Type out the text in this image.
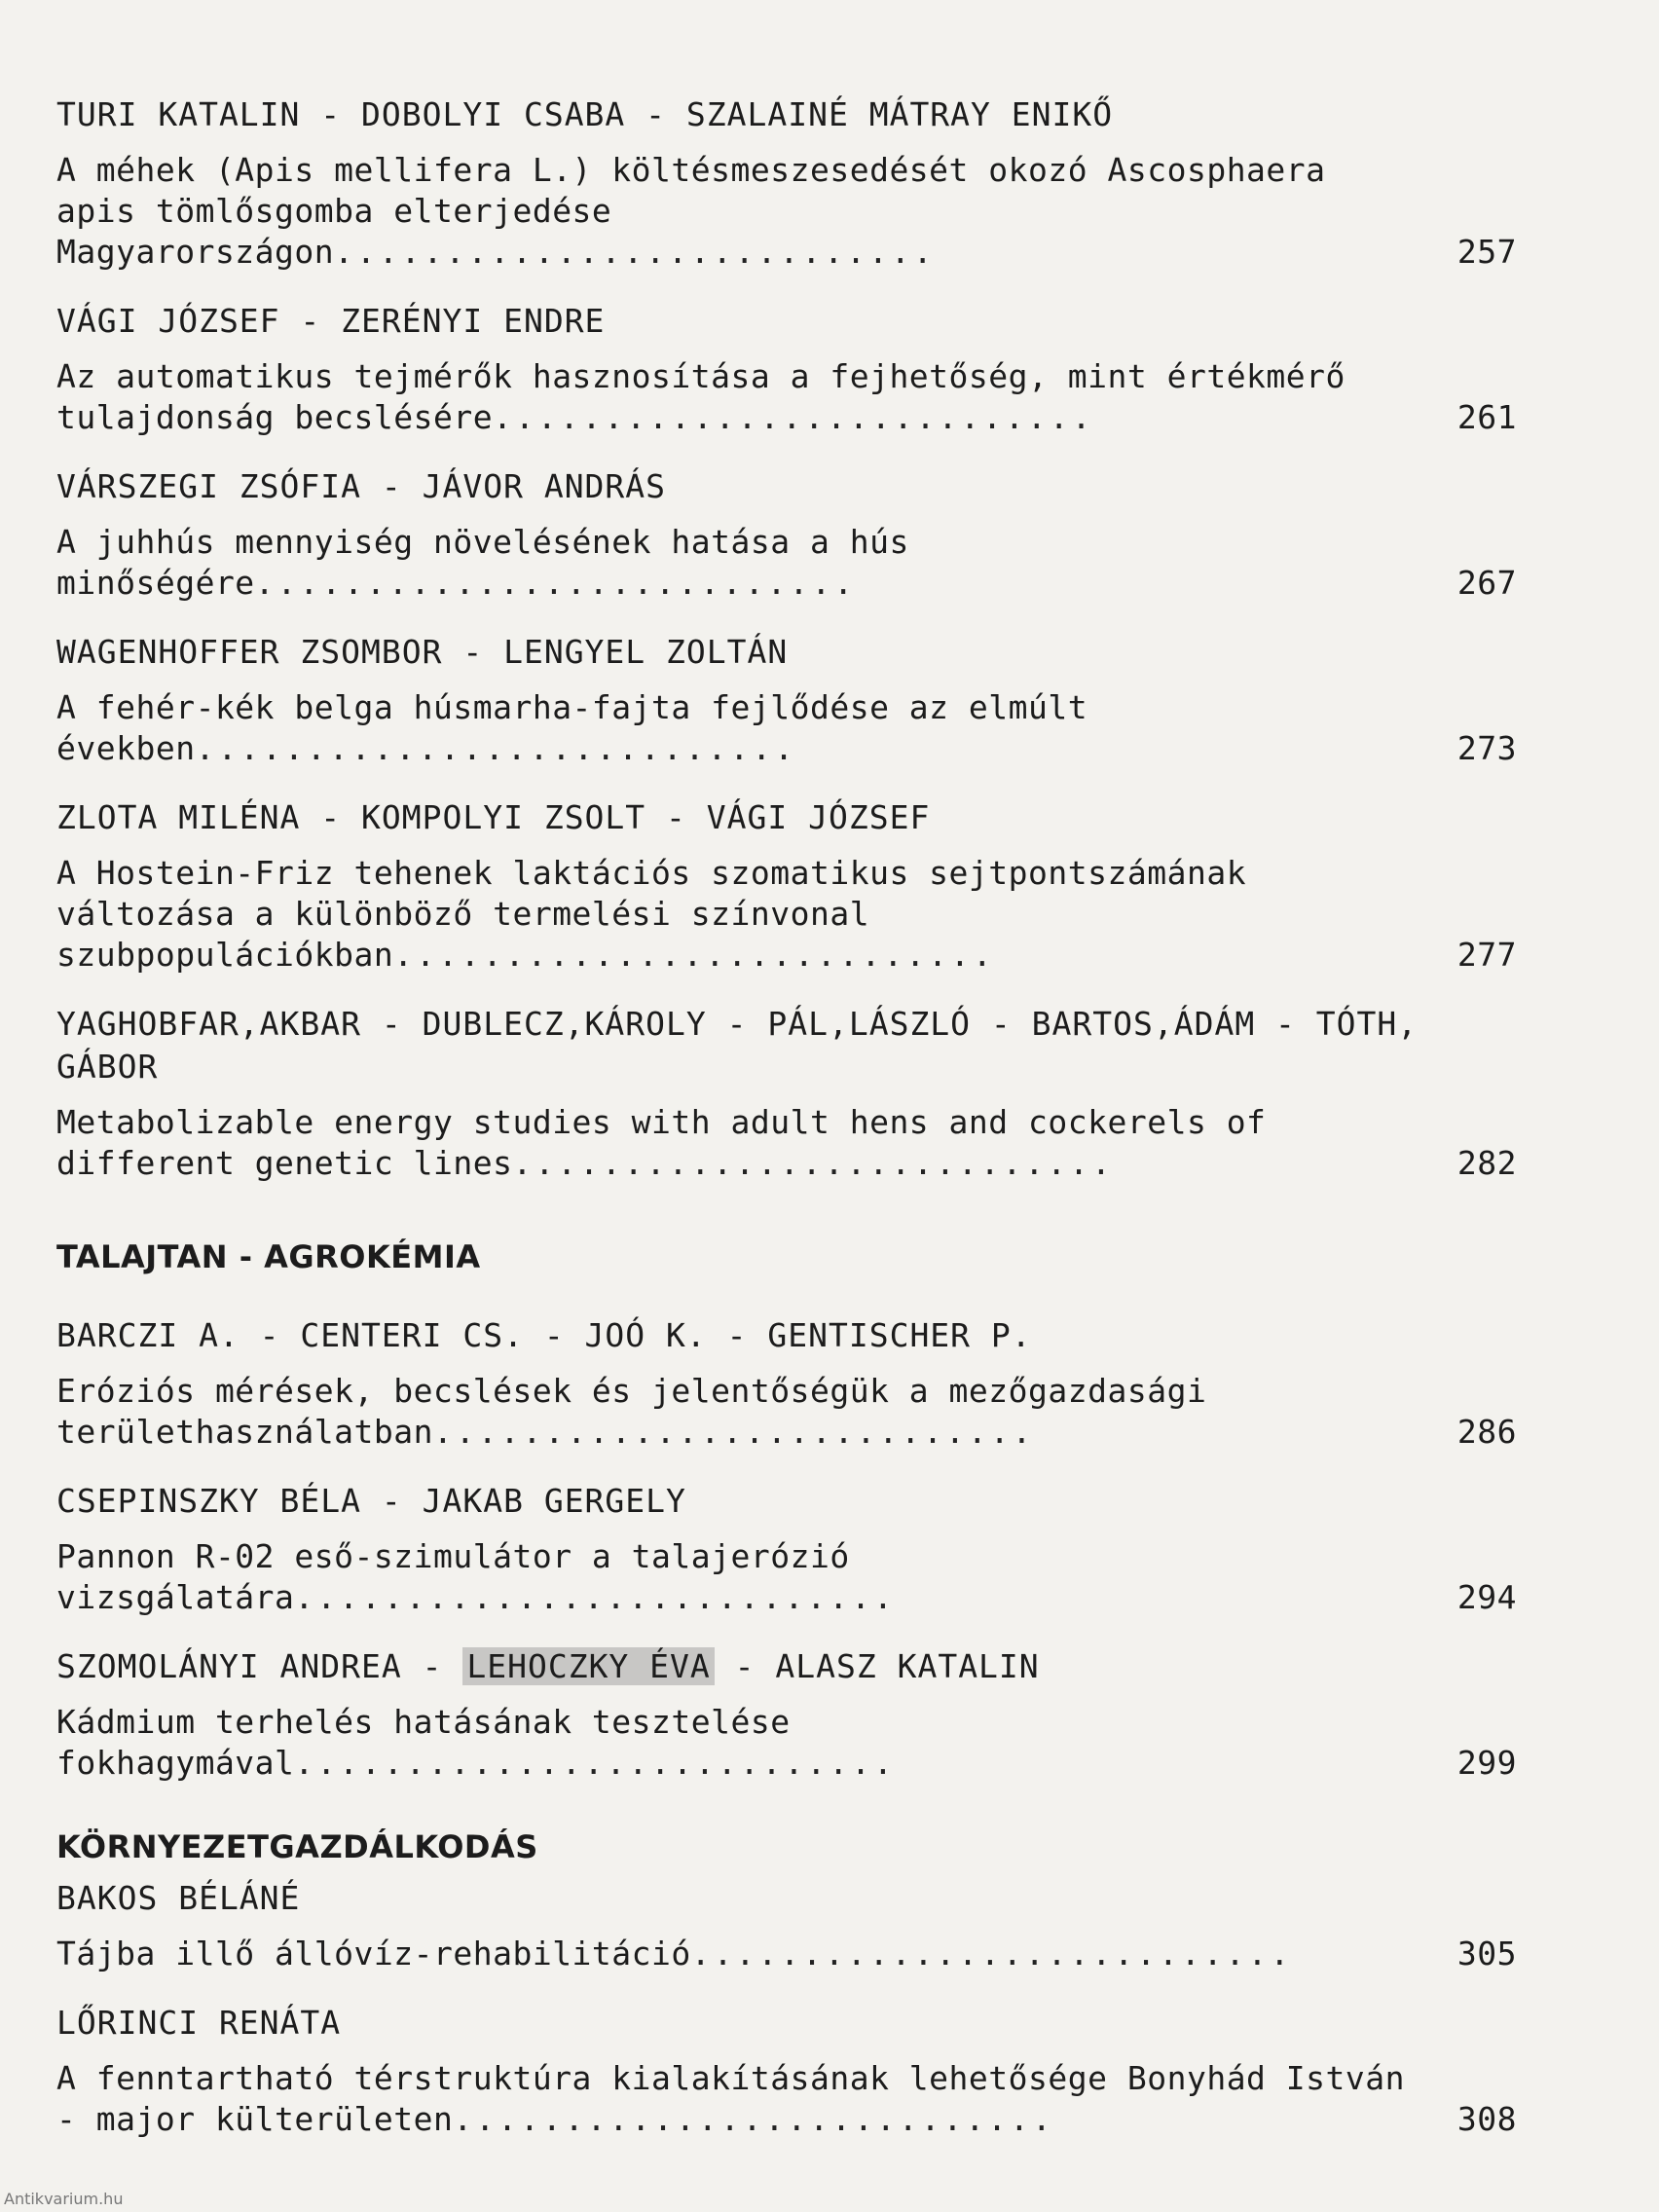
TURI KATALIN - DOBOLYI CSABA - SZALAINÉ MÁTRAY ENIKŐ
A méhek (Apis mellifera L.) költésmeszesedését okozó Ascosphaera apis tömlősgomba elterjedése Magyarországon...........................	257
VÁGI JÓZSEF - ZERÉNYI ENDRE
Az automatikus tejmérők hasznosítása a fejhetőség, mint értékmérő tulajdonság becslésére...........................	261
VÁRSZEGI ZSÓFIA - JÁVOR ANDRÁS
A juhhús mennyiség növelésének hatása a hús minőségére...........................	267
WAGENHOFFER ZSOMBOR - LENGYEL ZOLTÁN
A fehér-kék belga húsmarha-fajta fejlődése az elmúlt években...........................	273
ZLOTA MILÉNA - KOMPOLYI ZSOLT - VÁGI JÓZSEF
A Hostein-Friz tehenek laktációs szomatikus sejtpontszámának változása a különböző termelési színvonal szubpopulációkban...........................	277
YAGHOBFAR,AKBAR - DUBLECZ,KÁROLY - PÁL,LÁSZLÓ - BARTOS,ÁDÁM - TÓTH, GÁBOR
Metabolizable energy studies with adult hens and cockerels of different genetic lines...........................	282
TALAJTAN - AGROKÉMIA
BARCZI A. - CENTERI CS. - JOÓ K. - GENTISCHER P.
Eróziós mérések, becslések és jelentőségük a mezőgazdasági területhasználatban...........................	286
CSEPINSZKY BÉLA - JAKAB GERGELY
Pannon R-02 eső-szimulátor a talajerózió vizsgálatára...........................	294
SZOMOLÁNYI ANDREA - LEHOCZKY ÉVA - ALASZ KATALIN
Kádmium terhelés hatásának tesztelése fokhagymával...........................	299
KÖRNYEZETGAZDÁLKODÁS
BAKOS BÉLÁNÉ
Tájba illő állóvíz-rehabilitáció...........................	305
LŐRINCI RENÁTA
A fenntartható térstruktúra kialakításának lehetősége Bonyhád István - major külterületen...........................	308
Antikvarium.hu
